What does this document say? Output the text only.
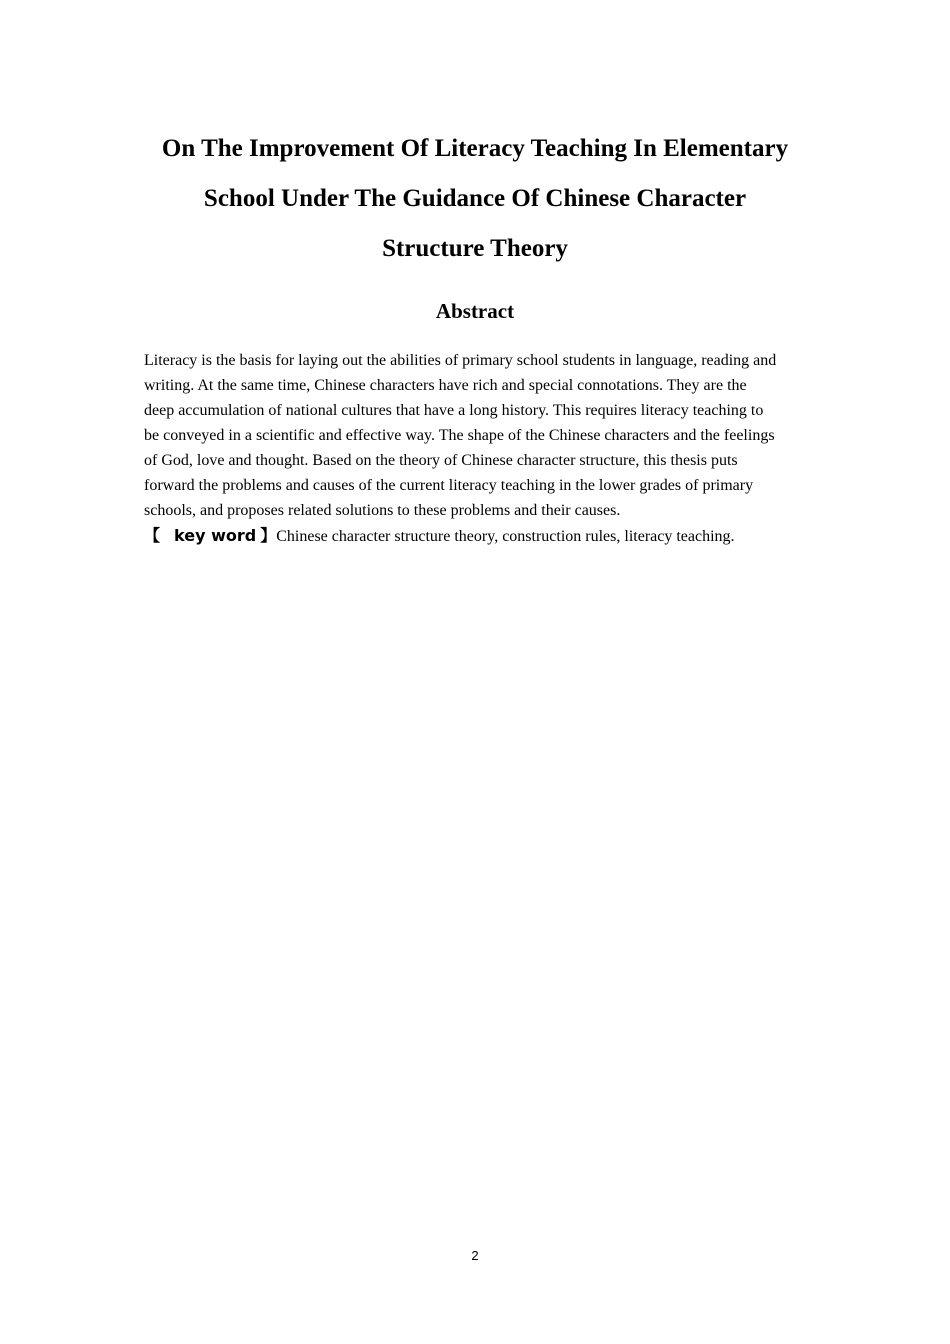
On The Improvement Of Literacy Teaching In Elementary
School Under The Guidance Of Chinese Character
Structure Theory
Abstract
Literacy is the basis for laying out the abilities of primary school students in language, reading and
writing. At the same time, Chinese characters have rich and special connotations. They are the
deep accumulation of national cultures that have a long history. This requires literacy teaching to
be conveyed in a scientific and effective way. The shape of the Chinese characters and the feelings
of God, love and thought. Based on the theory of Chinese character structure, this thesis puts
forward the problems and causes of the current literacy teaching in the lower grades of primary
schools, and proposes related solutions to these problems and their causes.
【 key word 】Chinese character structure theory, construction rules, literacy teaching.
2
